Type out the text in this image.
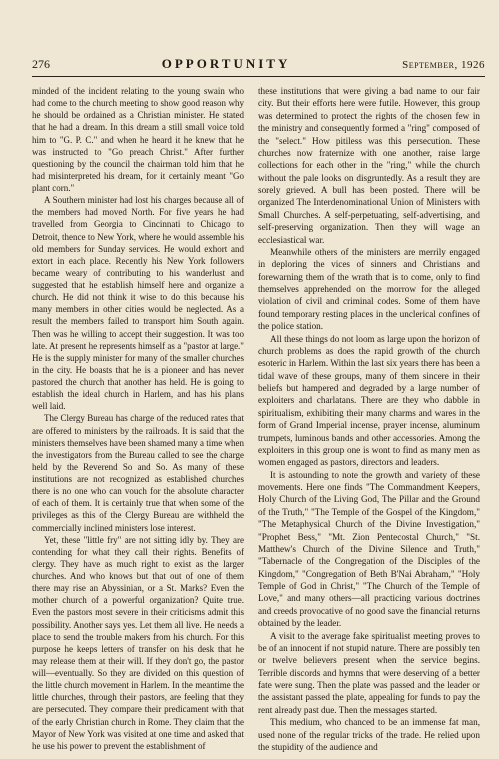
276	OPPORTUNITY	September, 1926

minded of the incident relating to the young swain who had come to the church meeting to show good reason why he should be ordained as a Christian minister. He stated that he had a dream. In this dream a still small voice told him to "G. P. C." and when he heard it he knew that he was instructed to "Go preach Christ." After further questioning by the council the chairman told him that he had misinterpreted his dream, for it certainly meant "Go plant corn."

A Southern minister had lost his charges because all of the members had moved North. For five years he had travelled from Georgia to Cincinnati to Chicago to Detroit, thence to New York, where he would assemble his old members for Sunday services. He would exhort and extort in each place. Recently his New York followers became weary of contributing to his wanderlust and suggested that he establish himself here and organize a church. He did not think it wise to do this because his many members in other cities would be neglected. As a result the members failed to transport him South again. Then was he willing to accept their suggestion. It was too late. At present he represents himself as a "pastor at large." He is the supply minister for many of the smaller churches in the city. He boasts that he is a pioneer and has never pastored the church that another has held. He is going to establish the ideal church in Harlem, and has his plans well laid.

The Clergy Bureau has charge of the reduced rates that are offered to ministers by the railroads. It is said that the ministers themselves have been shamed many a time when the investigators from the Bureau called to see the charge held by the Reverend So and So. As many of these institutions are not recognized as established churches there is no one who can vouch for the absolute character of each of them. It is certainly true that when some of the privileges as this of the Clergy Bureau are withheld the commercially inclined ministers lose interest.

Yet, these "little fry" are not sitting idly by. They are contending for what they call their rights. Benefits of clergy. They have as much right to exist as the larger churches. And who knows but that out of one of them there may rise an Abyssinian, or a St. Marks? Even the mother church of a powerful organization? Quite true. Even the pastors most severe in their criticisms admit this possibility. Another says yes. Let them all live. He needs a place to send the trouble makers from his church. For this purpose he keeps letters of transfer on his desk that he may release them at their will. If they don't go, the pastor will—eventually. So they are divided on this question of the little church movement in Harlem. In the meantime the little churches, through their pastors, are feeling that they are persecuted. They compare their predicament with that of the early Christian church in Rome. They claim that the Mayor of New York was visited at one time and asked that he use his power to prevent the establishment of

these institutions that were giving a bad name to our fair city. But their efforts here were futile. However, this group was determined to protect the rights of the chosen few in the ministry and consequently formed a "ring" composed of the "select." How pitiless was this persecution. These churches now fraternize with one another, raise large collections for each other in the "ring," while the church without the pale looks on disgruntedly. As a result they are sorely grieved. A bull has been posted. There will be organized The Interdenominational Union of Ministers with Small Churches. A self-perpetuating, self-advertising, and self-preserving organization. Then they will wage an ecclesiastical war.

Meanwhile others of the ministers are merrily engaged in deploring the vices of sinners and Christians and forewarning them of the wrath that is to come, only to find themselves apprehended on the morrow for the alleged violation of civil and criminal codes. Some of them have found temporary resting places in the unclerical confines of the police station.

All these things do not loom as large upon the horizon of church problems as does the rapid growth of the church esoteric in Harlem. Within the last six years there has been a tidal wave of these groups, many of them sincere in their beliefs but hampered and degraded by a large number of exploiters and charlatans. There are they who dabble in spiritualism, exhibiting their many charms and wares in the form of Grand Imperial incense, prayer incense, aluminum trumpets, luminous bands and other accessories. Among the exploiters in this group one is wont to find as many men as women engaged as pastors, directors and leaders.

It is astounding to note the growth and variety of these movements. Here one finds "The Commandment Keepers, Holy Church of the Living God, The Pillar and the Ground of the Truth," "The Temple of the Gospel of the Kingdom," "The Metaphysical Church of the Divine Investigation," "Prophet Bess," "Mt. Zion Pentecostal Church," "St. Matthew's Church of the Divine Silence and Truth," "Tabernacle of the Congregation of the Disciples of the Kingdom," "Congregation of Beth B'Nai Abraham," "Holy Temple of God in Christ," "The Church of the Temple of Love," and many others—all practicing various doctrines and creeds provocative of no good save the financial returns obtained by the leader.

A visit to the average fake spiritualist meeting proves to be of an innocent if not stupid nature. There are possibly ten or twelve believers present when the service begins. Terrible discords and hymns that were deserving of a better fate were sung. Then the plate was passed and the leader or the assistant passed the plate, appealing for funds to pay the rent already past due. Then the messages started.

This medium, who chanced to be an immense fat man, used none of the regular tricks of the trade. He relied upon the stupidity of the audience and
